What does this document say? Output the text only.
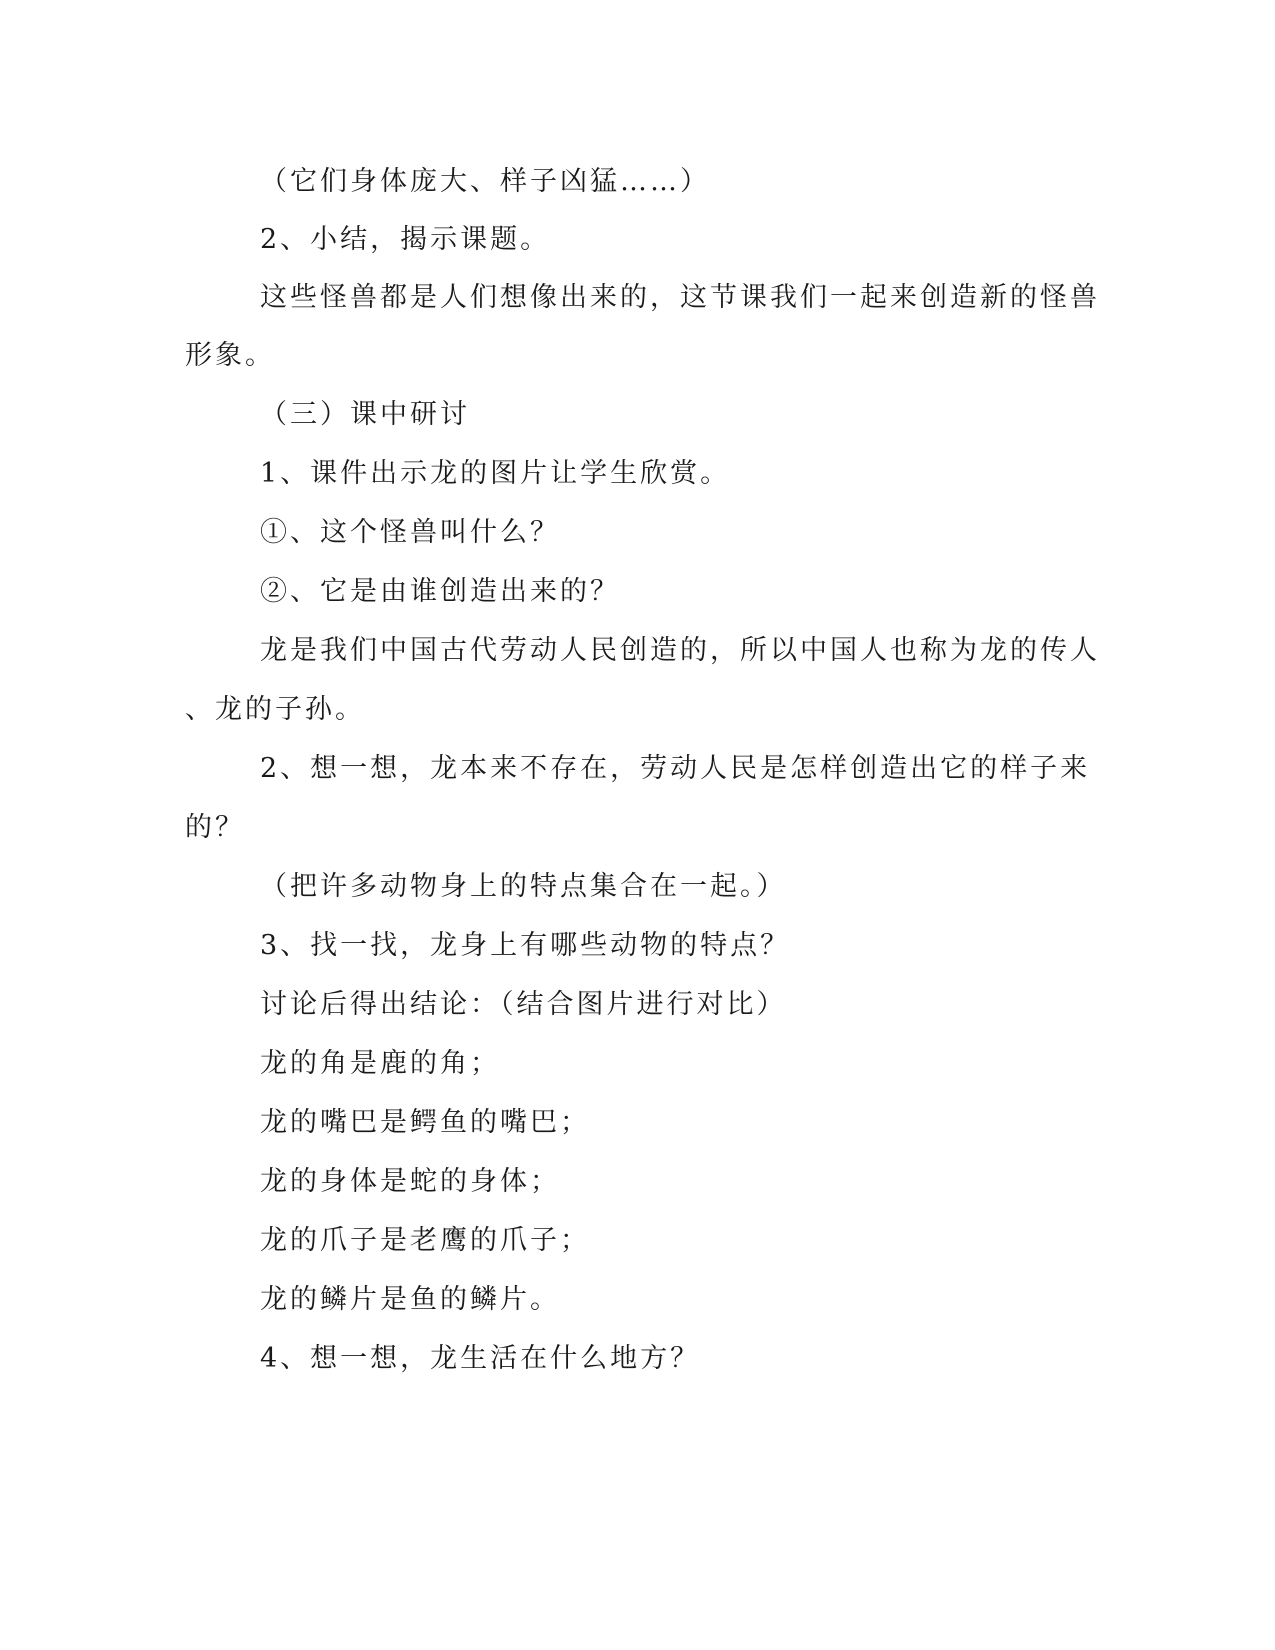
（它们身体庞大、样子凶猛……）
2、小结，揭示课题。
这些怪兽都是人们想像出来的，这节课我们一起来创造新的怪兽
形象。
（三）课中研讨
1、课件出示龙的图片让学生欣赏。
①、这个怪兽叫什么？
②、它是由谁创造出来的？
龙是我们中国古代劳动人民创造的，所以中国人也称为龙的传人
、龙的子孙。
2、想一想，龙本来不存在，劳动人民是怎样创造出它的样子来
的？
（把许多动物身上的特点集合在一起。）
3、找一找，龙身上有哪些动物的特点？
讨论后得出结论：（结合图片进行对比）
龙的角是鹿的角；
龙的嘴巴是鳄鱼的嘴巴；
龙的身体是蛇的身体；
龙的爪子是老鹰的爪子；
龙的鳞片是鱼的鳞片。
4、想一想，龙生活在什么地方？
